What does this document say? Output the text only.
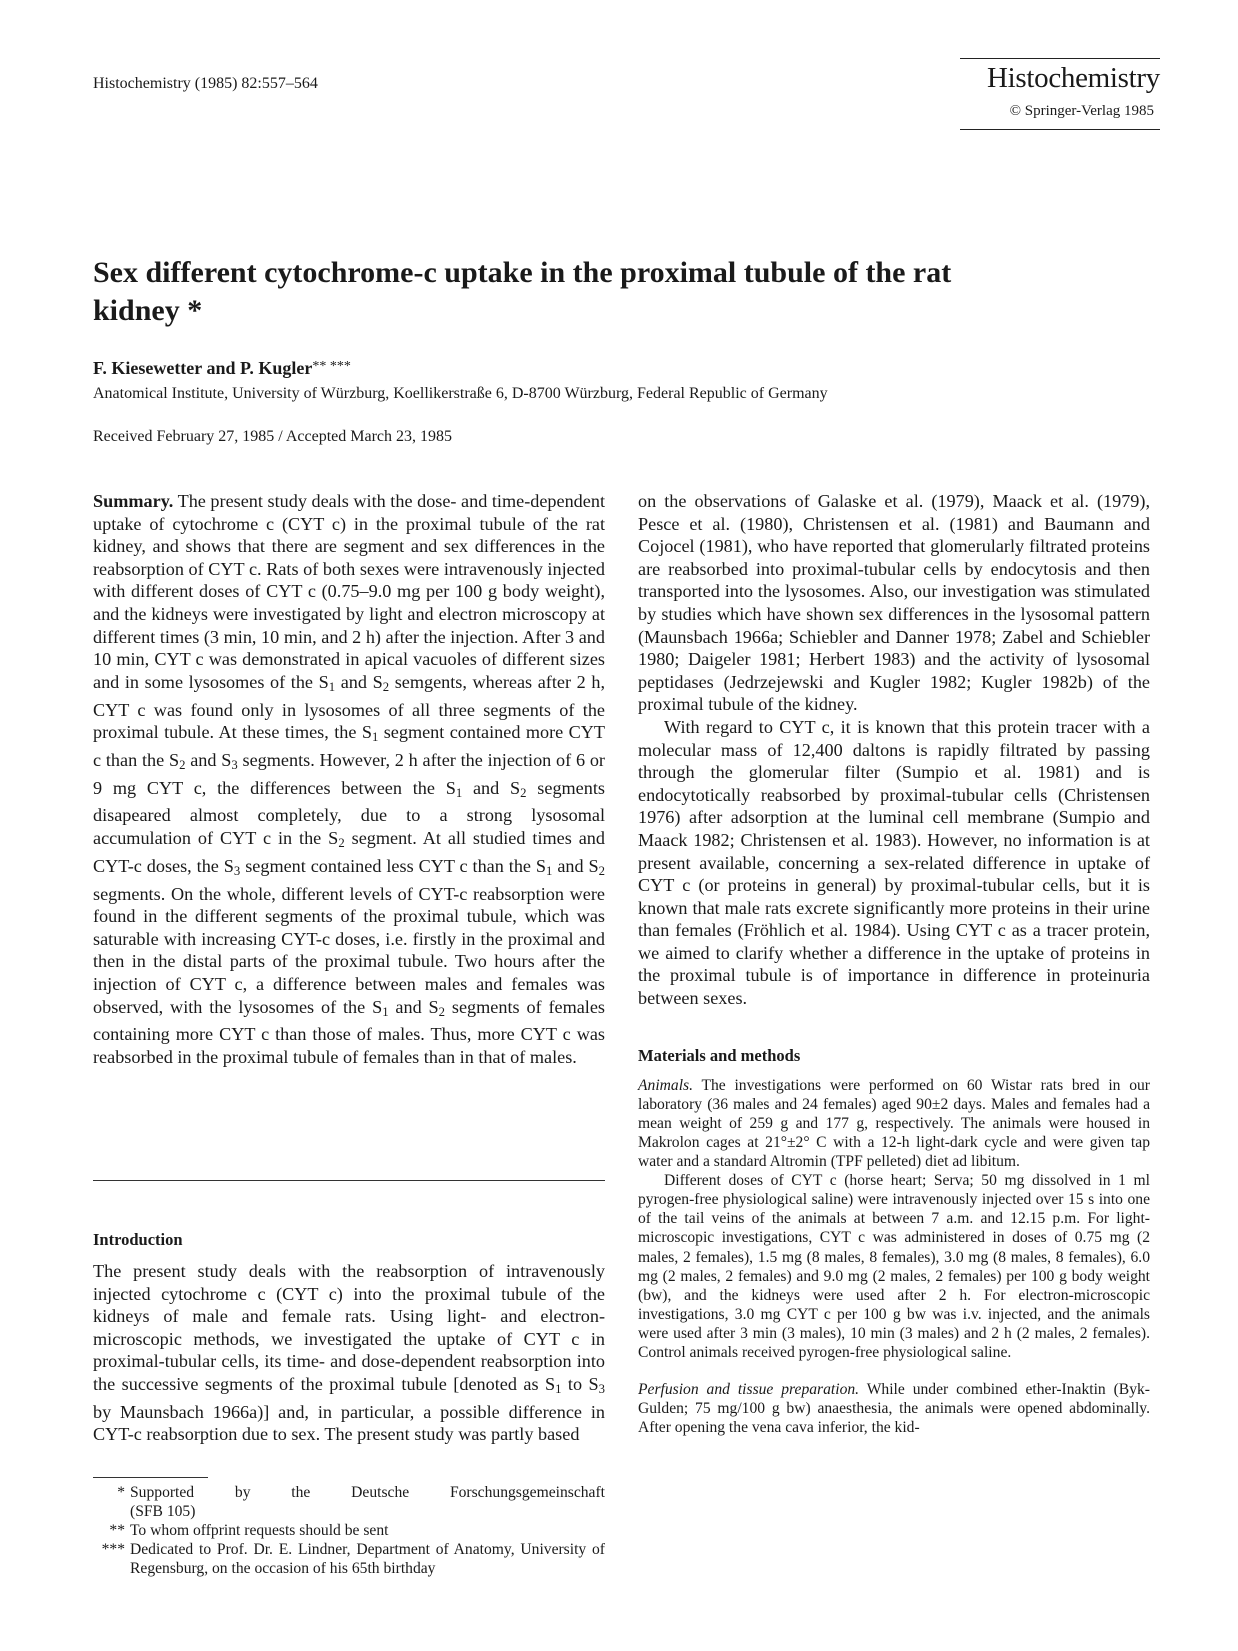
Histochemistry (1985) 82:557–564	Histochemistry
© Springer-Verlag 1985
Sex different cytochrome-c uptake in the proximal tubule of the rat kidney *
F. Kiesewetter and P. Kugler** ***
Anatomical Institute, University of Würzburg, Koellikerstraße 6, D-8700 Würzburg, Federal Republic of Germany
Received February 27, 1985 / Accepted March 23, 1985

Summary. The present study deals with the dose- and time-dependent uptake of cytochrome c (CYT c) in the proximal tubule of the rat kidney, and shows that there are segment and sex differences in the reabsorption of CYT c. Rats of both sexes were intravenously injected with different doses of CYT c (0.75–9.0 mg per 100 g body weight), and the kidneys were investigated by light and electron microscopy at different times (3 min, 10 min, and 2 h) after the injection. After 3 and 10 min, CYT c was demonstrated in apical vacuoles of different sizes and in some lysosomes of the $S_1$ and $S_2$ semgents, whereas after 2 h, CYT c was found only in lysosomes of all three segments of the proximal tubule. At these times, the $S_1$ segment contained more CYT c than the $S_2$ and $S_3$ segments. However, 2 h after the injection of 6 or 9 mg CYT c, the differences between the $S_1$ and $S_2$ segments disapeared almost completely, due to a strong lysosomal accumulation of CYT c in the $S_2$ segment. At all studied times and CYT-c doses, the $S_3$ segment contained less CYT c than the $S_1$ and $S_2$ segments. On the whole, different levels of CYT-c reabsorption were found in the different segments of the proximal tubule, which was saturable with increasing CYT-c doses, i.e. firstly in the proximal and then in the distal parts of the proximal tubule. Two hours after the injection of CYT c, a difference between males and females was observed, with the lysosomes of the $S_1$ and $S_2$ segments of females containing more CYT c than those of males. Thus, more CYT c was reabsorbed in the proximal tubule of females than in that of males.

Introduction

The present study deals with the reabsorption of intravenously injected cytochrome c (CYT c) into the proximal tubule of the kidneys of male and female rats. Using light- and electron-microscopic methods, we investigated the uptake of CYT c in proximal-tubular cells, its time- and dose-dependent reabsorption into the successive segments of the proximal tubule [denoted as $S_1$ to $S_3$ by Maunsbach 1966a)] and, in particular, a possible difference in CYT-c reabsorption due to sex. The present study was partly based

* Supported by the Deutsche Forschungsgemeinschaft
(SFB 105)
** To whom offprint requests should be sent
*** Dedicated to Prof. Dr. E. Lindner, Department of Anatomy, University of Regensburg, on the occasion of his 65th birthday

on the observations of Galaske et al. (1979), Maack et al. (1979), Pesce et al. (1980), Christensen et al. (1981) and Baumann and Cojocel (1981), who have reported that glomerularly filtrated proteins are reabsorbed into proximal-tubular cells by endocytosis and then transported into the lysosomes. Also, our investigation was stimulated by studies which have shown sex differences in the lysosomal pattern (Maunsbach 1966a; Schiebler and Danner 1978; Zabel and Schiebler 1980; Daigeler 1981; Herbert 1983) and the activity of lysosomal peptidases (Jedrzejewski and Kugler 1982; Kugler 1982b) of the proximal tubule of the kidney.

With regard to CYT c, it is known that this protein tracer with a molecular mass of 12,400 daltons is rapidly filtrated by passing through the glomerular filter (Sumpio et al. 1981) and is endocytotically reabsorbed by proximal-tubular cells (Christensen 1976) after adsorption at the luminal cell membrane (Sumpio and Maack 1982; Christensen et al. 1983). However, no information is at present available, concerning a sex-related difference in uptake of CYT c (or proteins in general) by proximal-tubular cells, but it is known that male rats excrete significantly more proteins in their urine than females (Fröhlich et al. 1984). Using CYT c as a tracer protein, we aimed to clarify whether a difference in the uptake of proteins in the proximal tubule is of importance in difference in proteinuria between sexes.

Materials and methods

Animals. The investigations were performed on 60 Wistar rats bred in our laboratory (36 males and 24 females) aged 90±2 days. Males and females had a mean weight of 259 g and 177 g, respectively. The animals were housed in Makrolon cages at 21°±2° C with a 12-h light-dark cycle and were given tap water and a standard Altromin (TPF pelleted) diet ad libitum.

Different doses of CYT c (horse heart; Serva; 50 mg dissolved in 1 ml pyrogen-free physiological saline) were intravenously injected over 15 s into one of the tail veins of the animals at between 7 a.m. and 12.15 p.m. For light-microscopic investigations, CYT c was administered in doses of 0.75 mg (2 males, 2 females), 1.5 mg (8 males, 8 females), 3.0 mg (8 males, 8 females), 6.0 mg (2 males, 2 females) and 9.0 mg (2 males, 2 females) per 100 g body weight (bw), and the kidneys were used after 2 h. For electron-microscopic investigations, 3.0 mg CYT c per 100 g bw was i.v. injected, and the animals were used after 3 min (3 males), 10 min (3 males) and 2 h (2 males, 2 females). Control animals received pyrogen-free physiological saline.

Perfusion and tissue preparation. While under combined ether-Inaktin (Byk-Gulden; 75 mg/100 g bw) anaesthesia, the animals were opened abdominally. After opening the vena cava inferior, the kid-
